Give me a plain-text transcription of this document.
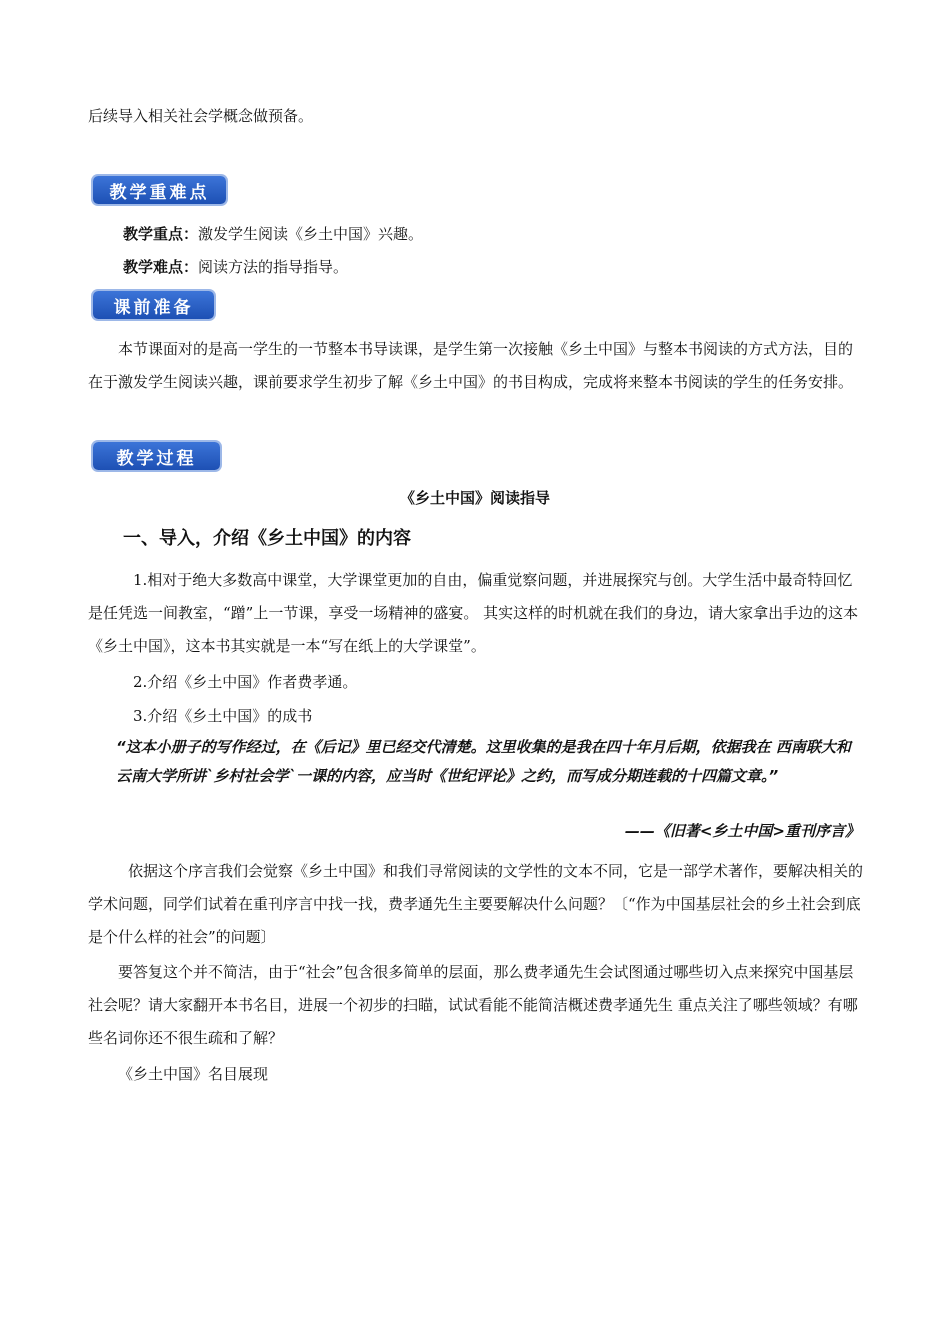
后续导入相关社会学概念做预备。

教学重难点

教学重点：激发学生阅读《乡土中国》兴趣。

教学难点：阅读方法的指导指导。

课前准备

本节课面对的是高一学生的一节整本书导读课，是学生第一次接触《乡土中国》与整本书阅读的方式方法，目的在于激发学生阅读兴趣，课前要求学生初步了解《乡土中国》的书目构成，完成将来整本书阅读的学生的任务安排。

教学过程
《乡土中国》阅读指导
一、导入，介绍《乡土中国》的内容

1.相对于绝大多数高中课堂，大学课堂更加的自由，偏重觉察问题，并进展探究与创。大学生活中最奇特回忆是任凭选一间教室，“蹭”上一节课，享受一场精神的盛宴。 其实这样的时机就在我们的身边，请大家拿出手边的这本《乡土中国》，这本书其实就是一本“写在纸上的大学课堂”。

2.介绍《乡土中国》作者费孝通。

3.介绍《乡土中国》的成书

“这本小册子的写作经过，在《后记》里已经交代清楚。这里收集的是我在四十年月后期，依据我在 西南联大和云南大学所讲`乡村社会学`一课的内容，应当时《世纪评论》之约，而写成分期连载的十四篇文章。”

——《旧著<乡土中国>重刊序言》

依据这个序言我们会觉察《乡土中国》和我们寻常阅读的文学性的文本不同，它是一部学术著作，要解决相关的学术问题，同学们试着在重刊序言中找一找，费孝通先生主要要解决什么问题？〔“作为中国基层社会的乡土社会到底是个什么样的社会”的问题〕

要答复这个并不简洁，由于“社会”包含很多简单的层面，那么费孝通先生会试图通过哪些切入点来探究中国基层社会呢？请大家翻开本书名目，进展一个初步的扫瞄，试试看能不能简洁概述费孝通先生 重点关注了哪些领域？有哪些名词你还不很生疏和了解？

《乡土中国》名目展现
